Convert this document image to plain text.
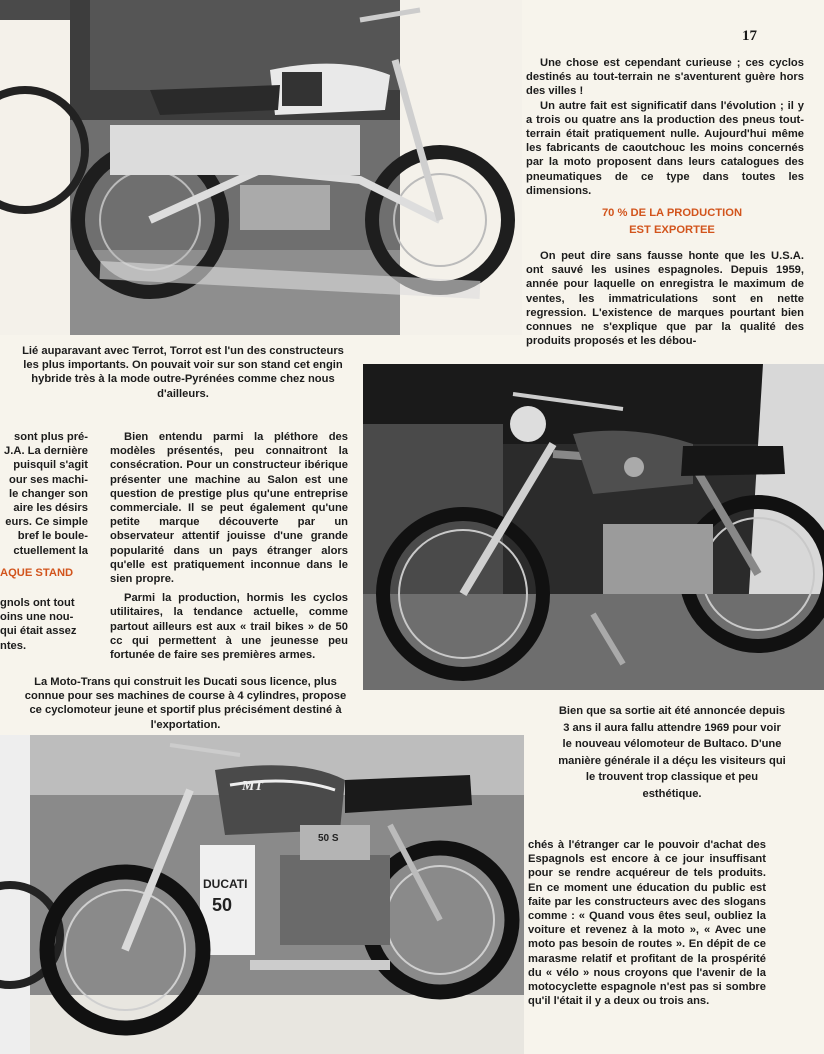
17

Une chose est cependant curieuse ; ces cyclos destinés au tout-terrain ne s'aventurent guère hors des villes !

Un autre fait est significatif dans l'évolution ; il y a trois ou quatre ans la production des pneus tout-terrain était pratiquement nulle. Aujourd'hui même les fabricants de caoutchouc les moins concernés par la moto proposent dans leurs catalogues des pneumatiques de ce type dans toutes les dimensions.

70 % DE LA PRODUCTION
EST EXPORTEE

On peut dire sans fausse honte que les U.S.A. ont sauvé les usines espagnoles. Depuis 1959, année pour laquelle on enregistra le maximum de ventes, les immatriculations sont en nette regression. L'existence de marques pourtant bien connues ne s'explique que par la qualité des produits proposés et les débou-

Lié auparavant avec Terrot, Torrot est l'un des constructeurs les plus importants. On pouvait voir sur son stand cet engin hybride très à la mode outre-Pyrénées comme chez nous d'ailleurs.
sont plus pré-
J.A. La dernière
puisquil s'agit
our ses machi-
le changer son
aire les désirs
eurs. Ce simple
bref le boule-
ctuellement la
AQUE STAND
gnols ont tout
oins une nou-
qui était assez
ntes.

Bien entendu parmi la pléthore des modèles présentés, peu connaitront la consécration. Pour un constructeur ibérique présenter une machine au Salon est une question de prestige plus qu'une entreprise commerciale. Il se peut également qu'une petite marque découverte par un observateur attentif jouisse d'une grande popularité dans un pays étranger alors qu'elle est pratiquement inconnue dans le sien propre.

Parmi la production, hormis les cyclos utilitaires, la tendance actuelle, comme partout ailleurs est aux « trail bikes » de 50 cc qui permettent à une jeunesse peu fortunée de faire ses premières armes.

La Moto-Trans qui construit les Ducati sous licence, plus connue pour ses machines de course à 4 cylindres, propose ce cyclomoteur jeune et sportif plus précisément destiné à l'exportation.
Bien que sa sortie ait été annoncée depuis 3 ans il aura fallu attendre 1969 pour voir le nouveau vélomoteur de Bultaco. D'une manière générale il a déçu les visiteurs qui le trouvent trop classique et peu esthétique.
MT
50 S
DUCATI
50
chés à l'étranger car le pouvoir d'achat des Espagnols est encore à ce jour insuffisant pour se rendre acquéreur de tels produits. En ce moment une éducation du public est faite par les constructeurs avec des slogans comme : « Quand vous êtes seul, oubliez la voiture et revenez à la moto », « Avec une moto pas besoin de routes ». En dépit de ce marasme relatif et profitant de la prospérité du « vélo » nous croyons que l'avenir de la motocyclette espagnole n'est pas si sombre qu'il l'était il y a deux ou trois ans.
